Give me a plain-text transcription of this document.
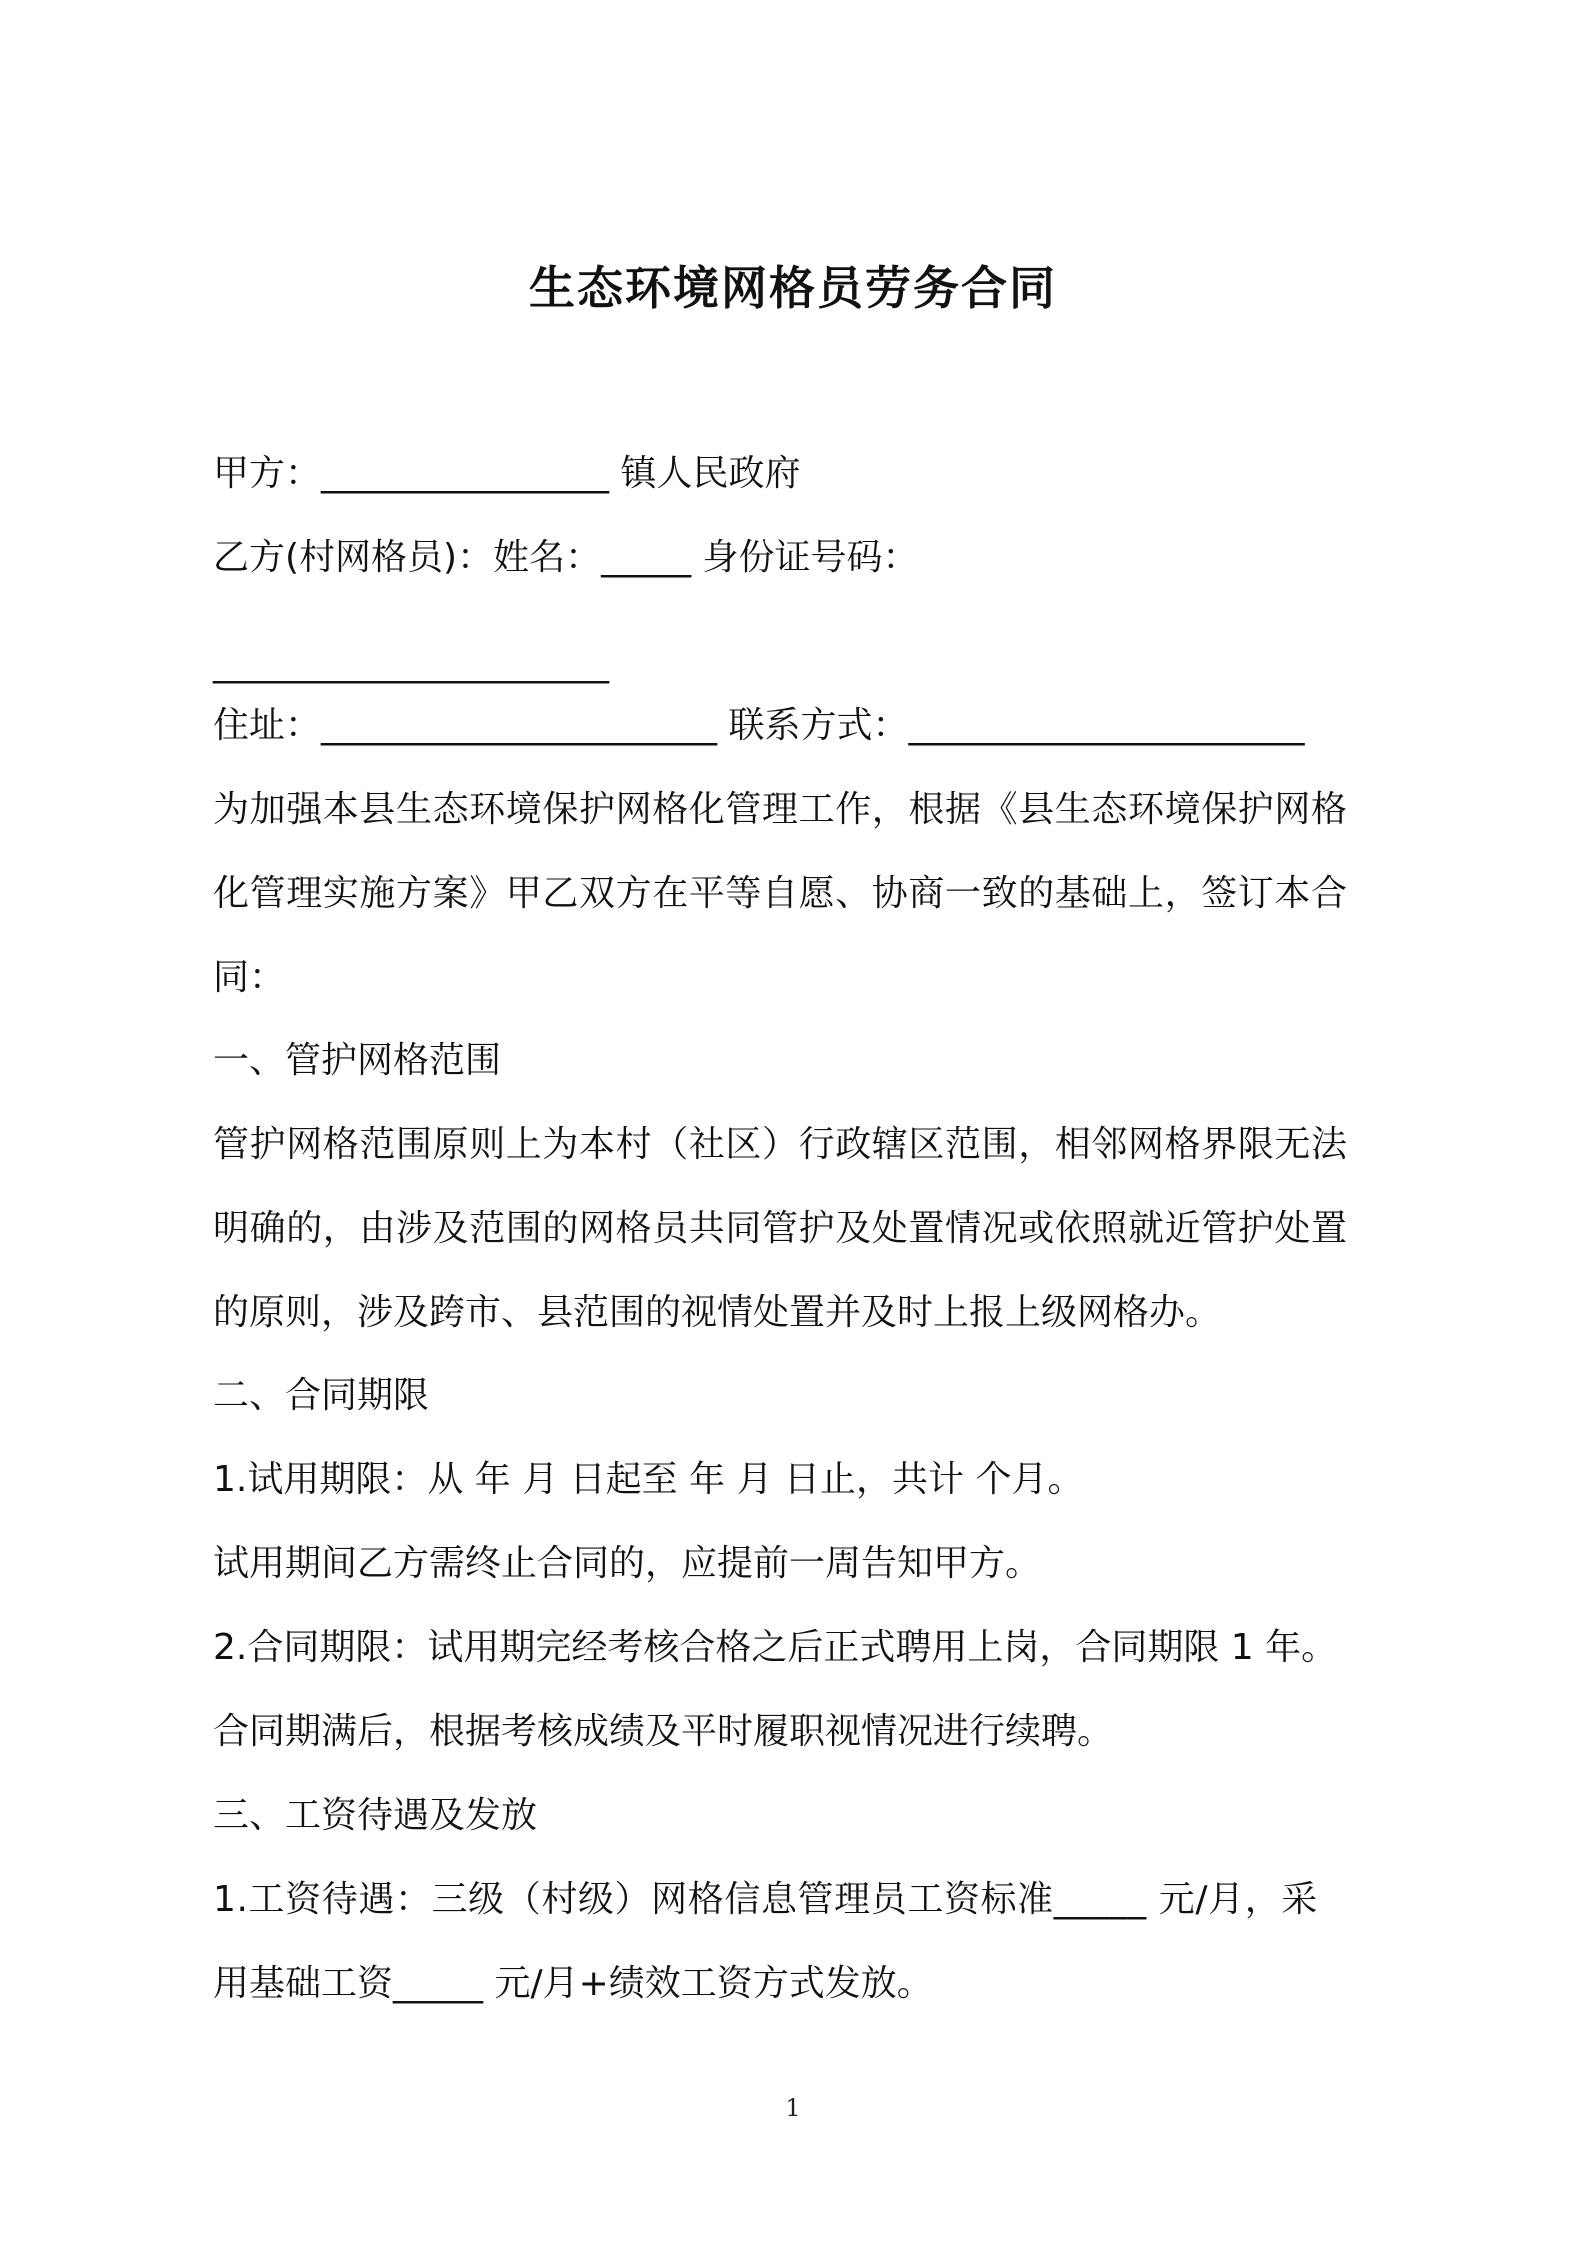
生态环境网格员劳务合同
甲方：________________ 镇人民政府
乙方(村网格员)：姓名：_____ 身份证号码：
______________________
住址：______________________ 联系方式：______________________
为加强本县生态环境保护网格化管理工作，根据《县生态环境保护网格
化管理实施方案》甲乙双方在平等自愿、协商一致的基础上，签订本合
同：
一、管护网格范围
管护网格范围原则上为本村（社区）行政辖区范围，相邻网格界限无法
明确的，由涉及范围的网格员共同管护及处置情况或依照就近管护处置
的原则，涉及跨市、县范围的视情处置并及时上报上级网格办。
二、合同期限
1.试用期限：从 年 月 日起至 年 月 日止，共计 个月。
试用期间乙方需终止合同的，应提前一周告知甲方。
2.合同期限：试用期完经考核合格之后正式聘用上岗，合同期限 1 年。
合同期满后，根据考核成绩及平时履职视情况进行续聘。
三、工资待遇及发放
1.工资待遇：三级（村级）网格信息管理员工资标准_____ 元/月，采
用基础工资_____ 元/月+绩效工资方式发放。
1
